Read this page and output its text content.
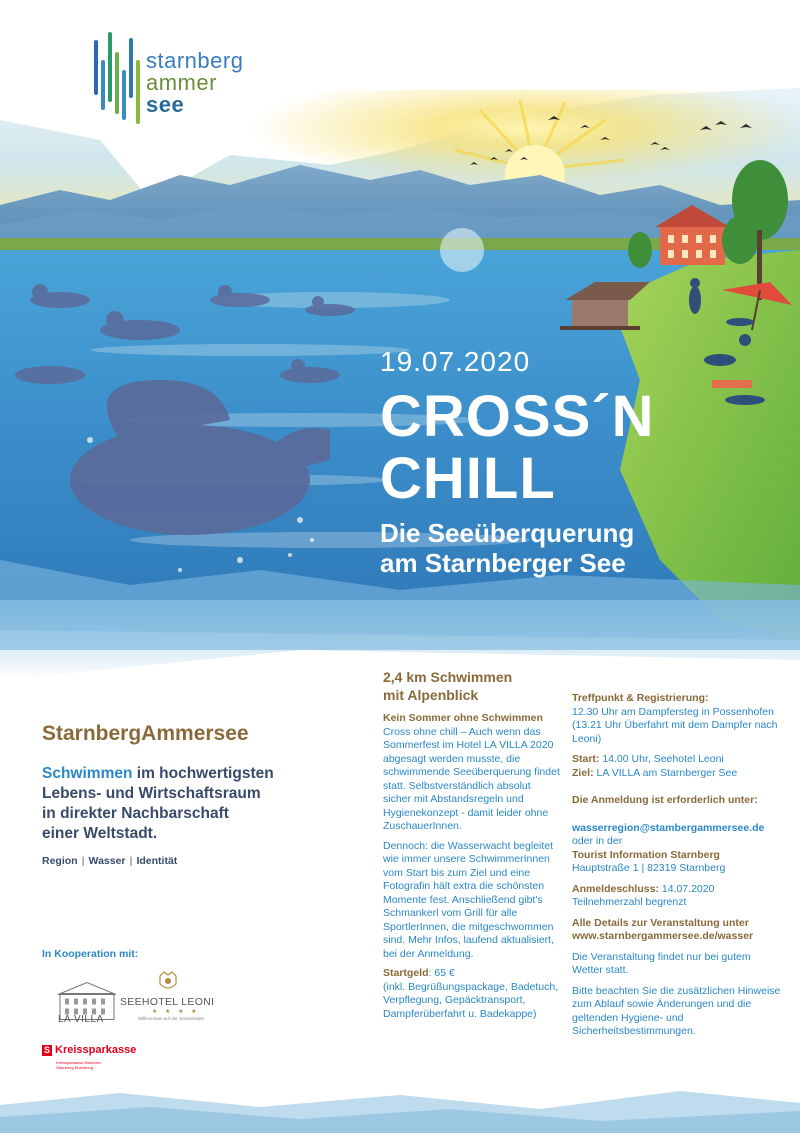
starnberg
ammer
see
19.07.2020
CROSS´N
CHILL
Die Seeüberquerung
am Starnberger See
StarnbergAmmersee
Schwimmen im hochwertigsten
Lebens- und Wirtschaftsraum
in direkter Nachbarschaft
einer Weltstadt.
Region | Wasser | Identität
In Kooperation mit:
LA VILLA
SEEHOTEL LEONI
★ ★ ★ ★
Willkommen auf der Sonnenseite
S Kreissparkasse
Kreissparkasse München Starnberg Ebersberg
2,4 km Schwimmen
mit Alpenblick
Kein Sommer ohne Schwimmen

Cross ohne chill – Auch wenn das Sommerfest im Hotel LA VILLA 2020 abgesagt werden musste, die schwimmende Seeüberquerung findet statt. Selbstverständlich absolut sicher mit Abstandsregeln und Hygienekonzept - damit leider ohne ZuschauerInnen.

Dennoch: die Wasserwacht begleitet wie immer unsere SchwimmerInnen vom Start bis zum Ziel und eine Fotografin hält extra die schönsten Momente fest. Anschließend gibt's Schmankerl vom Grill für alle SportlerInnen, die mitgeschwommen sind. Mehr Infos, laufend aktualisiert, bei der Anmeldung.

Startgeld: 65 €
(inkl. Begrüßungspackage, Badetuch, Verpflegung, Gepäcktransport, Dampferüberfahrt u. Badekappe)
Treffpunkt & Registrierung:

12.30 Uhr am Dampfersteg in Possenhofen (13.21 Uhr Überfahrt mit dem Dampfer nach Leoni)

Start: 14.00 Uhr, Seehotel Leoni

Ziel: LA VILLA am Starnberger See

Die Anmeldung ist erforderlich unter:

wasserregion@stambergammersee.de
oder in der
Tourist Information Starnberg

Hauptstraße 1 | 82319 Starnberg

Anmeldeschluss: 14.07.2020

Teilnehmerzahl begrenzt

Alle Details zur Veranstaltung unter

www.starnbergammersee.de/wasser

Die Veranstaltung findet nur bei gutem Wetter statt.

Bitte beachten Sie die zusätzlichen Hinweise zum Ablauf sowie Änderungen und die geltenden Hygiene- und Sicherheitsbestimmungen.
